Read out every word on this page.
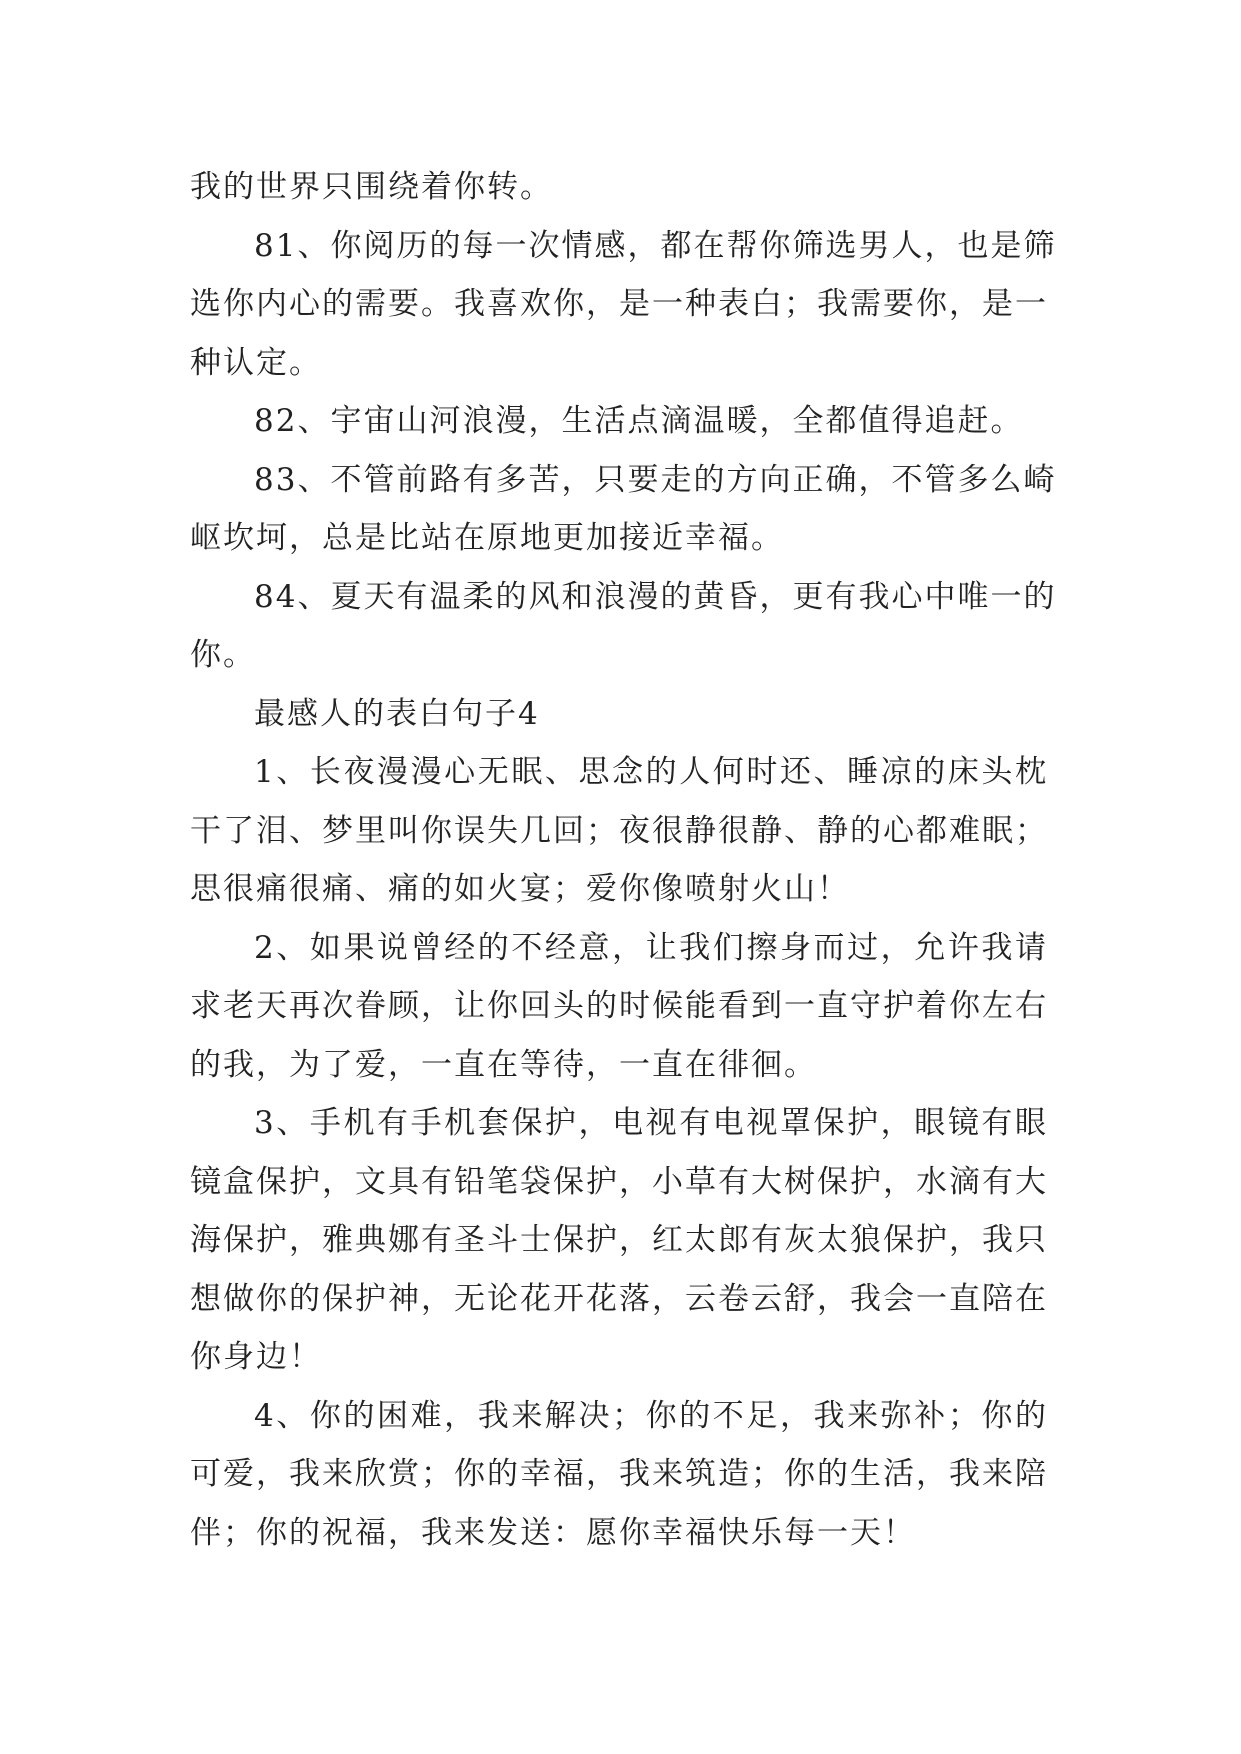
我的世界只围绕着你转。
81、你阅历的每一次情感，都在帮你筛选男人，也是筛
选你内心的需要。我喜欢你，是一种表白；我需要你，是一
种认定。
82、宇宙山河浪漫，生活点滴温暖，全都值得追赶。
83、不管前路有多苦，只要走的方向正确，不管多么崎
岖坎坷，总是比站在原地更加接近幸福。
84、夏天有温柔的风和浪漫的黄昏，更有我心中唯一的
你。
最感人的表白句子4
1、长夜漫漫心无眠、思念的人何时还、睡凉的床头枕
干了泪、梦里叫你误失几回；夜很静很静、静的心都难眠；
思很痛很痛、痛的如火宴；爱你像喷射火山！
2、如果说曾经的不经意，让我们擦身而过，允许我请
求老天再次眷顾，让你回头的时候能看到一直守护着你左右
的我，为了爱，一直在等待，一直在徘徊。
3、手机有手机套保护，电视有电视罩保护，眼镜有眼
镜盒保护，文具有铅笔袋保护，小草有大树保护，水滴有大
海保护，雅典娜有圣斗士保护，红太郎有灰太狼保护，我只
想做你的保护神，无论花开花落，云卷云舒，我会一直陪在
你身边！
4、你的困难，我来解决；你的不足，我来弥补；你的
可爱，我来欣赏；你的幸福，我来筑造；你的生活，我来陪
伴；你的祝福，我来发送：愿你幸福快乐每一天！
